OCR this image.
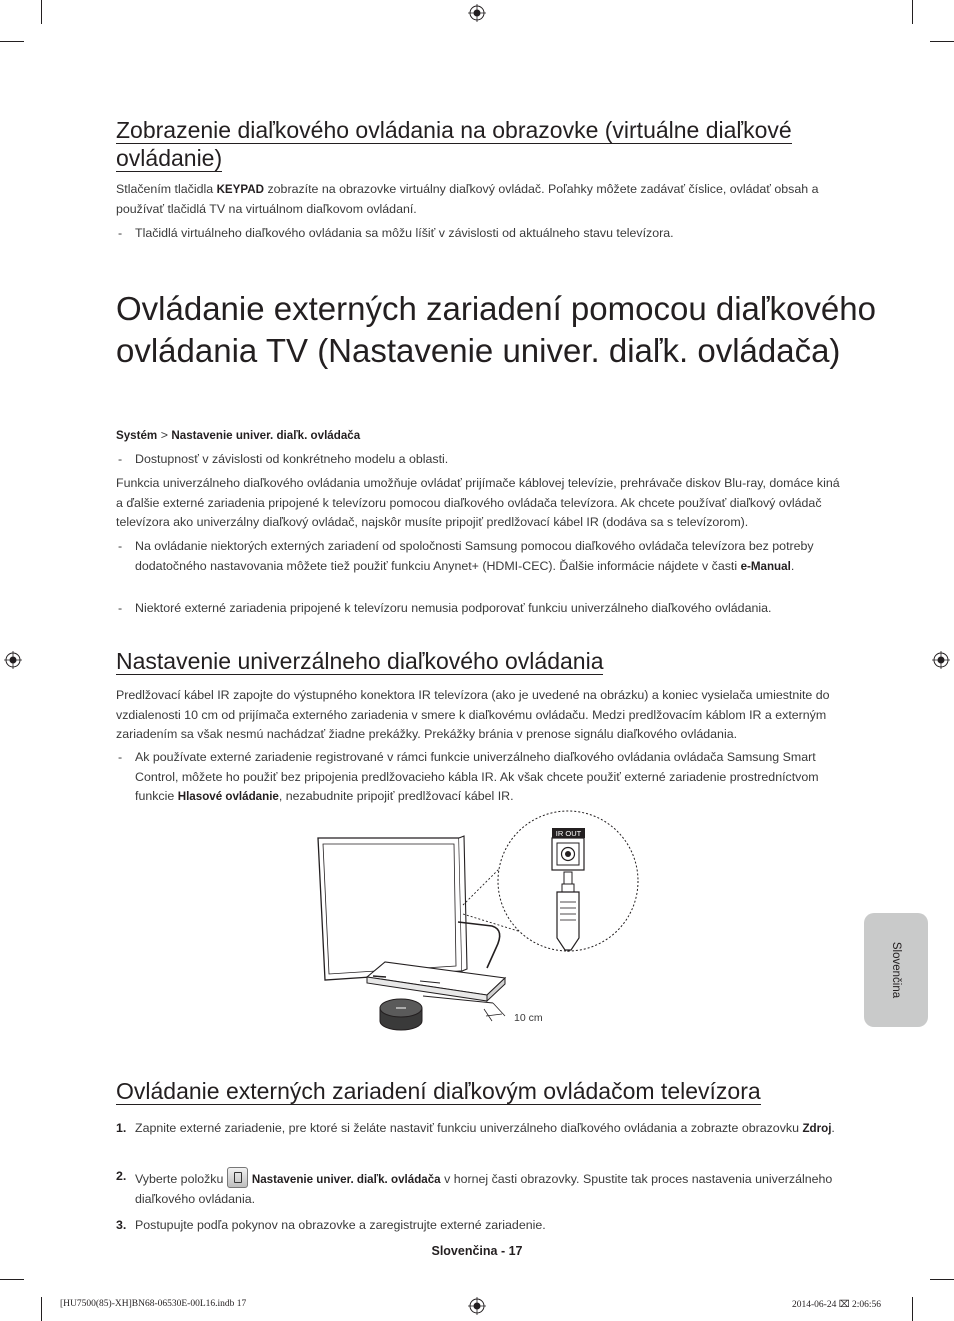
Zobrazenie diaľkového ovládania na obrazovke (virtuálne diaľkové ovládanie)

Stlačením tlačidla KEYPAD zobrazíte na obrazovke virtuálny diaľkový ovládač. Poľahky môžete zadávať číslice, ovládať obsah a používať tlačidlá TV na virtuálnom diaľkovom ovládaní.

- Tlačidlá virtuálneho diaľkového ovládania sa môžu líšiť v závislosti od aktuálneho stavu televízora.
Ovládanie externých zariadení pomocou diaľkového ovládania TV (Nastavenie univer. diaľk. ovládača)
Systém > Nastavenie univer. diaľk. ovládača
- Dostupnosť v závislosti od konkrétneho modelu a oblasti.

Funkcia univerzálneho diaľkového ovládania umožňuje ovládať prijímače káblovej televízie, prehrávače diskov Blu-ray, domáce kiná a ďalšie externé zariadenia pripojené k televízoru pomocou diaľkového ovládača televízora. Ak chcete používať diaľkový ovládač televízora ako univerzálny diaľkový ovládač, najskôr musíte pripojiť predlžovací kábel IR (dodáva sa s televízorom).

- Na ovládanie niektorých externých zariadení od spoločnosti Samsung pomocou diaľkového ovládača televízora bez potreby dodatočného nastavovania môžete tiež použiť funkciu Anynet+ (HDMI-CEC). Ďalšie informácie nájdete v časti e-Manual.
- Niektoré externé zariadenia pripojené k televízoru nemusia podporovať funkciu univerzálneho diaľkového ovládania.
Nastavenie univerzálneho diaľkového ovládania

Predlžovací kábel IR zapojte do výstupného konektora IR televízora (ako je uvedené na obrázku) a koniec vysielača umiestnite do vzdialenosti 10 cm od prijímača externého zariadenia v smere k diaľkovému ovládaču. Medzi predlžovacím káblom IR a externým zariadením sa však nesmú nachádzať žiadne prekážky. Prekážky bránia v prenose signálu diaľkového ovládania.

- Ak používate externé zariadenie registrované v rámci funkcie univerzálneho diaľkového ovládania ovládača Samsung Smart Control, môžete ho použiť bez pripojenia predlžovacieho kábla IR. Ak však chcete použiť externé zariadenie prostredníctvom funkcie Hlasové ovládanie, nezabudnite pripojiť predlžovací kábel IR.
IR OUT
10 cm
Ovládanie externých zariadení diaľkovým ovládačom televízora
1. Zapnite externé zariadenie, pre ktoré si želáte nastaviť funkciu univerzálneho diaľkového ovládania a zobrazte obrazovku Zdroj.
2. Vyberte položku Nastavenie univer. diaľk. ovládača v hornej časti obrazovky. Spustite tak proces nastavenia univerzálneho diaľkového ovládania.
3. Postupujte podľa pokynov na obrazovke a zaregistrujte externé zariadenie.
Slovenčina
Slovenčina - 17
[HU7500(85)-XH]BN68-06530E-00L16.indb 17	2014-06-24 ⌧ 2:06:56
